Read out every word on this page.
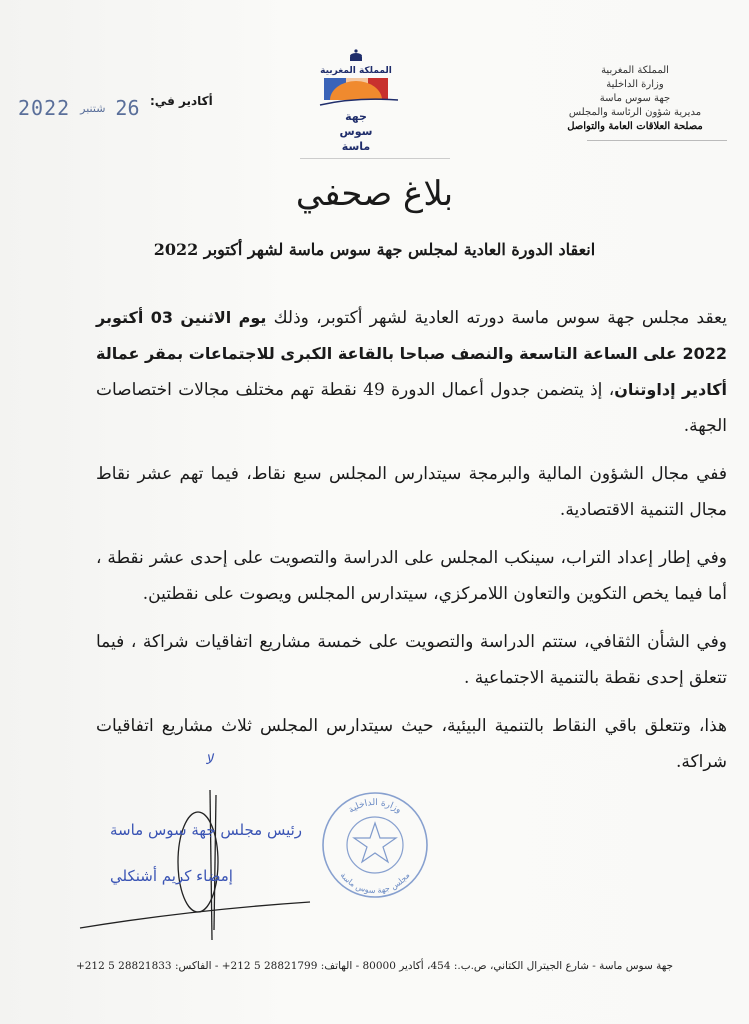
المملكة المغربية
وزارة الداخلية
جهة سوس ماسة
مديرية شؤون الرئاسة والمجلس
مصلحة العلاقات العامة والتواصل
المملكة المغربية
جهة
سوس
ماسة
أكادير في:
2022 شتنبر 26
بلاغ صحفي
انعقاد الدورة العادية لمجلس جهة سوس ماسة لشهر أكتوبر 2022

يعقد مجلس جهة سوس ماسة دورته العادية لشهر أكتوبر، وذلك يوم الاثنين 03 أكتوبر 2022 على الساعة التاسعة والنصف صباحا بالقاعة الكبرى للاجتماعات بمقر عمالة أكادير إداوتنان، إذ يتضمن جدول أعمال الدورة 49 نقطة تهم مختلف مجالات اختصاصات الجهة.

ففي مجال الشؤون المالية والبرمجة سيتدارس المجلس سبع نقاط، فيما تهم عشر نقاط مجال التنمية الاقتصادية.

وفي إطار إعداد التراب، سينكب المجلس على الدراسة والتصويت على إحدى عشر نقطة ، أما فيما يخص التكوين والتعاون اللامركزي، سيتدارس المجلس ويصوت على نقطتين.

وفي الشأن الثقافي، ستتم الدراسة والتصويت على خمسة مشاريع اتفاقيات شراكة ، فيما تتعلق إحدى نقطة بالتنمية الاجتماعية .

هذا، وتتعلق باقي النقاط بالتنمية البيئية، حيث سيتدارس المجلس ثلاث مشاريع اتفاقيات شراكة.

ﻻ
رئيس مجلس جهة سوس ماسة
إمضاء كريم أشنكلي
وزارة الداخلية
مجلس جهة سوس ماسة
جهة سوس ماسة - شارع الجيترال الكتاني، ص.ب.: 454، أكادير 80000 - الهاتف: 28821799 5 212+ - الفاكس: 28821833 5 212+
